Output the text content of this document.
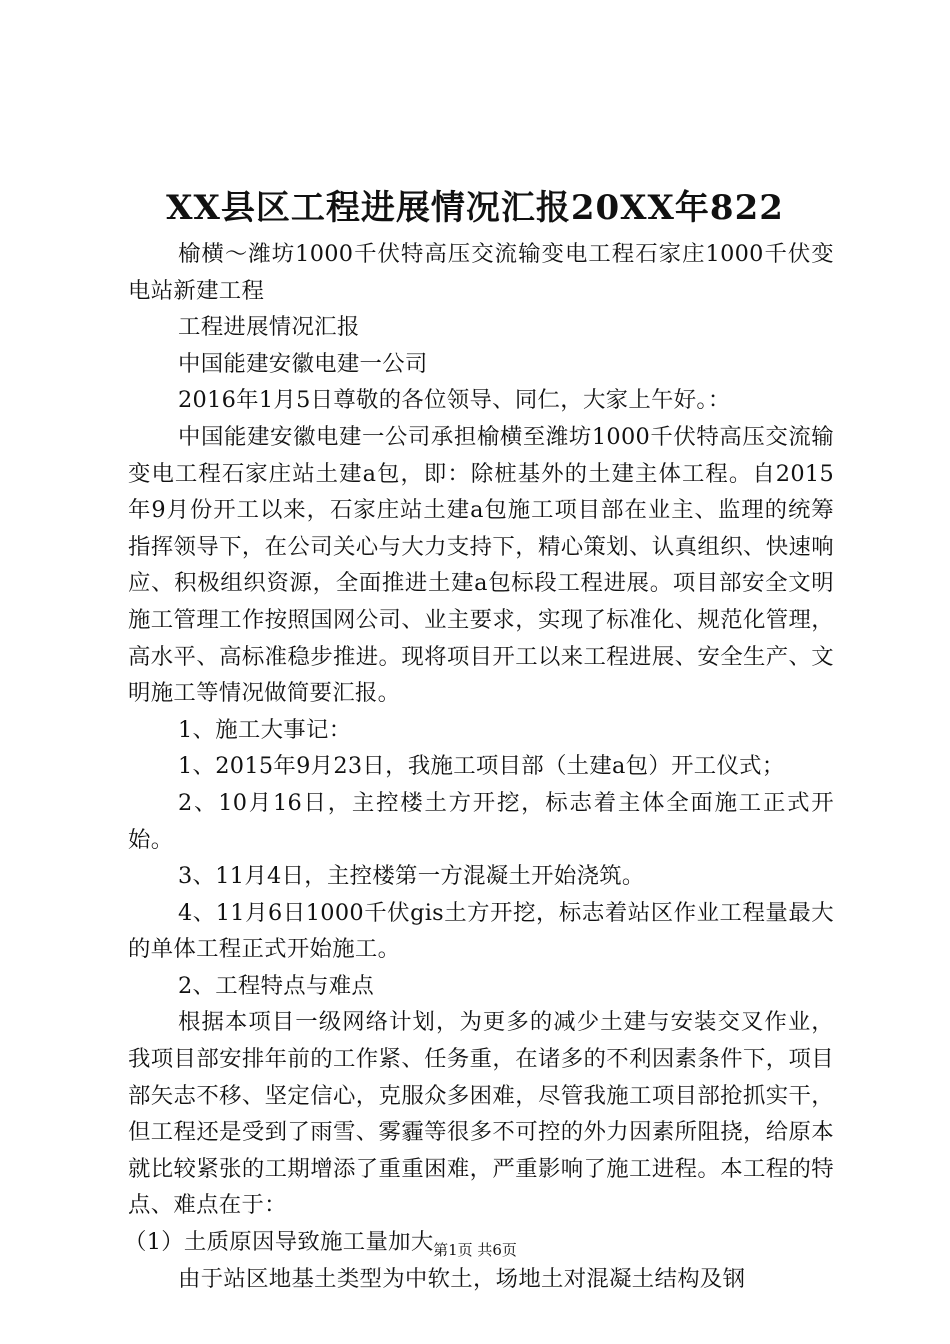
XX县区工程进展情况汇报20XX年822

榆横～潍坊1000千伏特高压交流输变电工程石家庄1000千伏变电站新建工程

工程进展情况汇报

中国能建安徽电建一公司

2016年1月5日尊敬的各位领导、同仁，大家上午好。：

中国能建安徽电建一公司承担榆横至潍坊1000千伏特高压交流输变电工程石家庄站土建a包，即：除桩基外的土建主体工程。自2015年9月份开工以来，石家庄站土建a包施工项目部在业主、监理的统筹指挥领导下，在公司关心与大力支持下，精心策划、认真组织、快速响应、积极组织资源，全面推进土建a包标段工程进展。项目部安全文明施工管理工作按照国网公司、业主要求，实现了标准化、规范化管理，高水平、高标准稳步推进。现将项目开工以来工程进展、安全生产、文明施工等情况做简要汇报。

1、施工大事记：

1、2015年9月23日，我施工项目部（土建a包）开工仪式；

2、10月16日，主控楼土方开挖，标志着主体全面施工正式开始。

3、11月4日，主控楼第一方混凝土开始浇筑。

4、11月6日1000千伏gis土方开挖，标志着站区作业工程量最大的单体工程正式开始施工。

2、工程特点与难点

根据本项目一级网络计划，为更多的减少土建与安装交叉作业，我项目部安排年前的工作紧、任务重，在诸多的不利因素条件下，项目部矢志不移、坚定信心，克服众多困难，尽管我施工项目部抢抓实干，但工程还是受到了雨雪、雾霾等很多不可控的外力因素所阻挠，给原本就比较紧张的工期增添了重重困难，严重影响了施工进程。本工程的特点、难点在于：

（1）土质原因导致施工量加大

由于站区地基土类型为中软土，场地土对混凝土结构及钢

第1页 共6页
